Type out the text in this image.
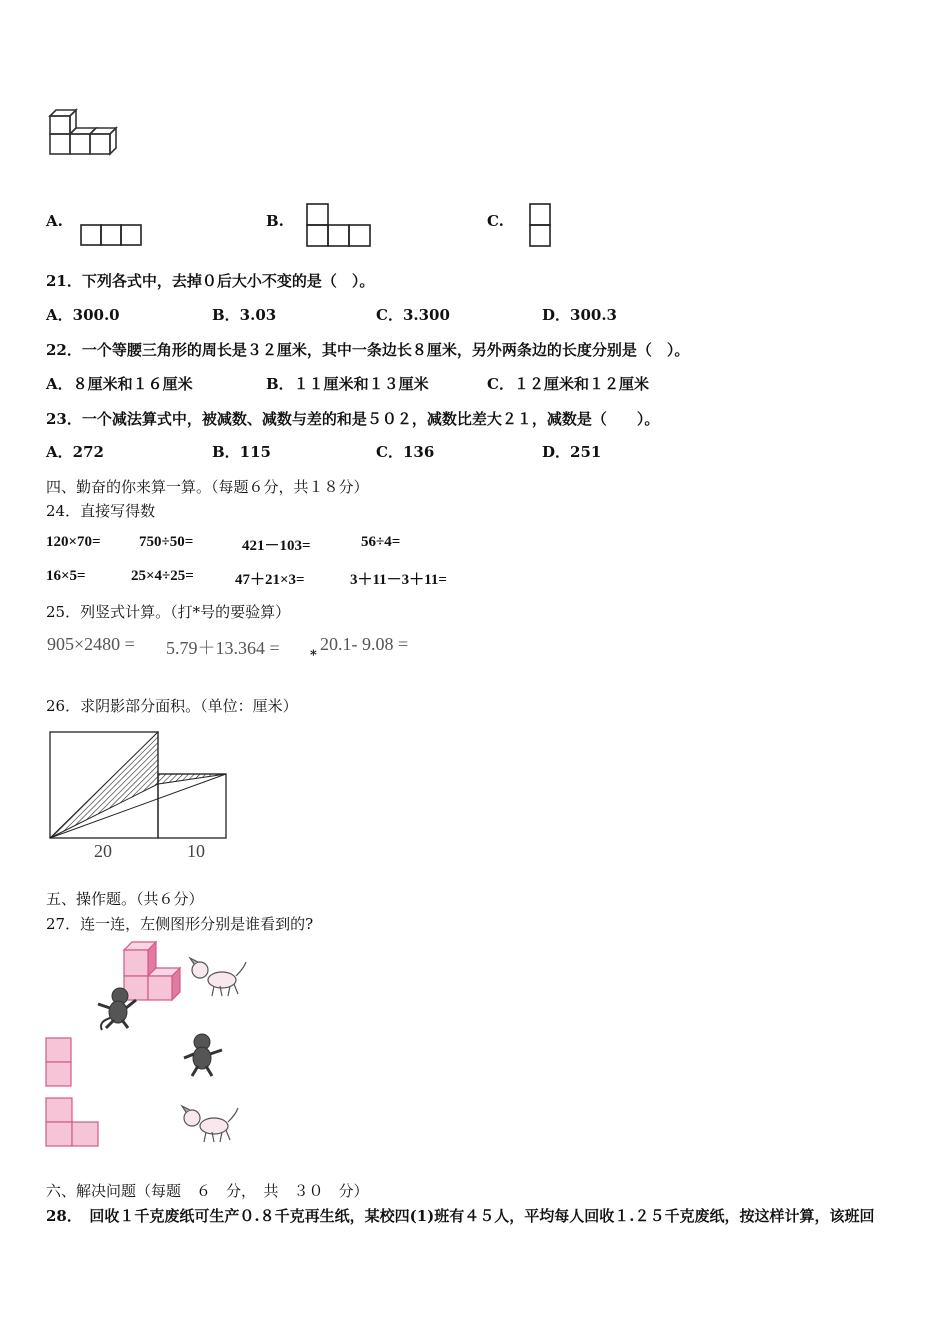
A.	B.	C.
21．下列各式中，去掉０后大小不变的是（　）。
A．300.0	B．3.03	C．3.300	D．300.3
22．一个等腰三角形的周长是３２厘米，其中一条边长８厘米，另外两条边的长度分别是（　）。
A．８厘米和１６厘米	B．１１厘米和１３厘米	C．１２厘米和１２厘米
23．一个减法算式中，被减数、减数与差的和是５０２，减数比差大２１，减数是（　　）。
A．272	B．115	C．136	D．251
四、勤奋的你来算一算。（每题６分，共１８分）
24．直接写得数
120×70=	750÷50=	421－103=	56÷4=
16×5=	25×4÷25=	47＋21×3=	3＋11－3＋11=
25．列竖式计算。（打*号的要验算）
905×2480 = 5.79＋13.364 = *
20.1- 9.08 =
26．求阴影部分面积。（单位：厘米）
20	10
五、操作题。（共６分）
27．连一连，左侧图形分别是谁看到的?
六、解决问题（每题　６　分，　共　３０　分）
28．　回收１千克废纸可生产０.８千克再生纸，某校四(1)班有４５人，平均每人回收１.２５千克废纸，按这样计算，该班回
